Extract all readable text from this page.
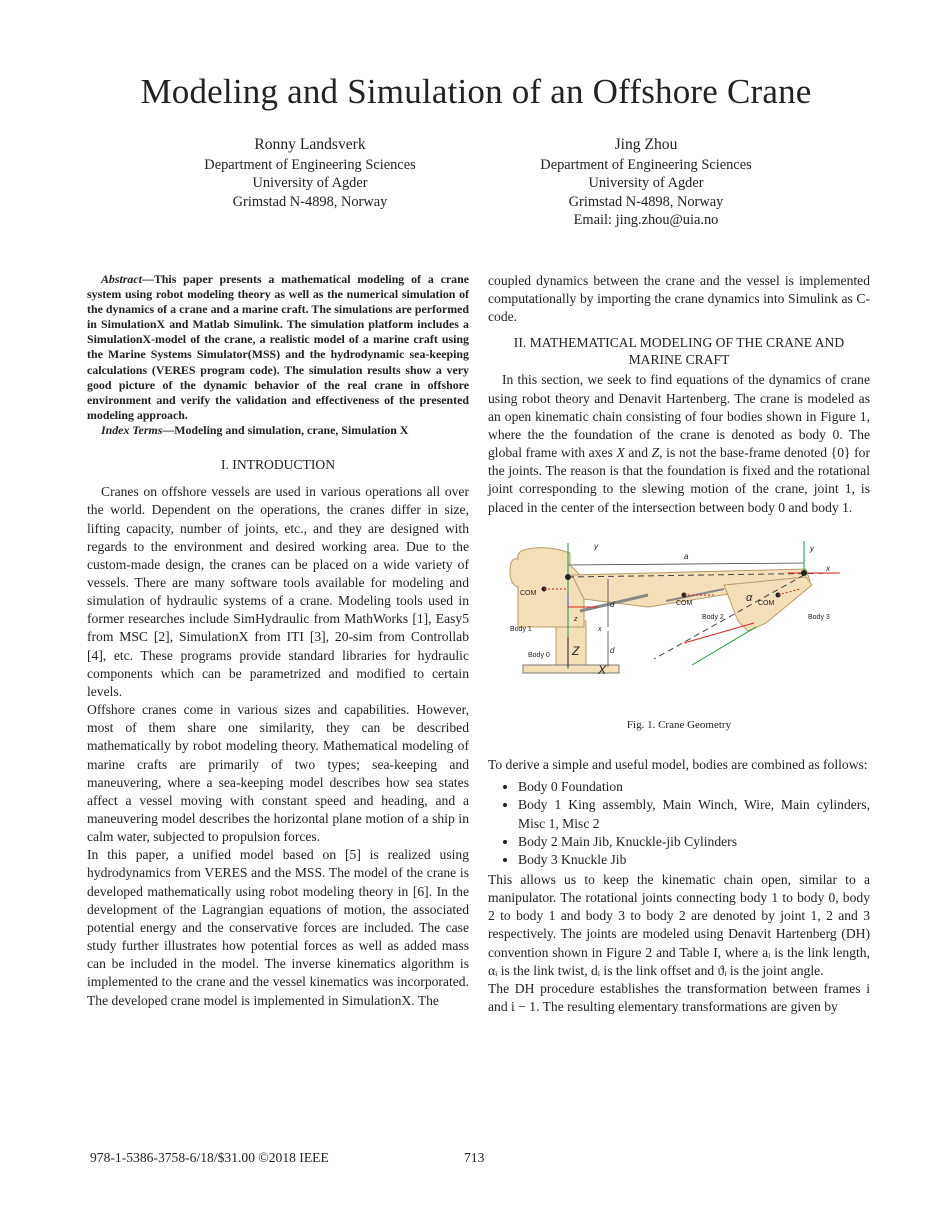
Modeling and Simulation of an Offshore Crane
Ronny Landsverk
Department of Engineering Sciences
University of Agder
Grimstad N-4898, Norway
Jing Zhou
Department of Engineering Sciences
University of Agder
Grimstad N-4898, Norway
Email: jing.zhou@uia.no

Abstract—This paper presents a mathematical modeling of a crane system using robot modeling theory as well as the numerical simulation of the dynamics of a crane and a marine craft. The simulations are performed in SimulationX and Matlab Simulink. The simulation platform includes a SimulationX-model of the crane, a realistic model of a marine craft using the Marine Systems Simulator(MSS) and the hydrodynamic sea-keeping calculations (VERES program code). The simulation results show a very good picture of the dynamic behavior of the real crane in offshore environment and verify the validation and effectiveness of the presented modeling approach.

Index Terms—Modeling and simulation, crane, Simulation X

I. INTRODUCTION

Cranes on offshore vessels are used in various operations all over the world. Dependent on the operations, the cranes differ in size, lifting capacity, number of joints, etc., and they are designed with regards to the environment and desired working area. Due to the custom-made design, the cranes can be placed on a wide variety of vessels. There are many software tools available for modeling and simulation of hydraulic systems of a crane. Modeling tools used in former researches include SimHydraulic from MathWorks [1], Easy5 from MSC [2], SimulationX from ITI [3], 20-sim from Controllab [4], etc. These programs provide standard libraries for hydraulic components which can be parametrized and modified to certain levels.

Offshore cranes come in various sizes and capabilities. However, most of them share one similarity, they can be described mathematically by robot modeling theory. Mathematical modeling of marine crafts are primarily of two types; sea-keeping and maneuvering, where a sea-keeping model describes how sea states affect a vessel moving with constant speed and heading, and a maneuvering model describes the horizontal plane motion of a ship in calm water, subjected to propulsion forces.

In this paper, a unified model based on [5] is realized using hydrodynamics from VERES and the MSS. The model of the crane is developed mathematically using robot modeling theory in [6]. In the development of the Lagrangian equations of motion, the associated potential energy and the conservative forces are included. The case study further illustrates how potential forces as well as added mass can be included in the model. The inverse kinematics algorithm is implemented to the crane and the vessel kinematics was incorporated. The developed crane model is implemented in SimulationX. The

coupled dynamics between the crane and the vessel is implemented computationally by importing the crane dynamics into Simulink as C-code.

II. MATHEMATICAL MODELING OF THE CRANE AND
MARINE CRAFT

In this section, we seek to find equations of the dynamics of crane using robot theory and Denavit Hartenberg. The crane is modeled as an open kinematic chain consisting of four bodies shown in Figure 1, where the the foundation of the crane is denoted as body 0. The global frame with axes X and Z, is not the base-frame denoted {0} for the joints. The reason is that the foundation is fixed and the rotational joint corresponding to the slewing motion of the crane, joint 1, is placed in the center of the intersection between body 0 and body 1.

a
y	y
x
COM
COM	COM
Body 1
Body 0
Body 2	Body 3
α
d
d
x
z
Z
X
Fig. 1. Crane Geometry

To derive a simple and useful model, bodies are combined as follows:

• Body 0 Foundation
• Body 1 King assembly, Main Winch, Wire, Main cylinders, Misc 1, Misc 2
• Body 2 Main Jib, Knuckle-jib Cylinders
• Body 3 Knuckle Jib

This allows us to keep the kinematic chain open, similar to a manipulator. The rotational joints connecting body 1 to body 0, body 2 to body 1 and body 3 to body 2 are denoted by joint 1, 2 and 3 respectively. The joints are modeled using Denavit Hartenberg (DH) convention shown in Figure 2 and Table I, where aᵢ is the link length, αᵢ is the link twist, dᵢ is the link offset and ϑᵢ is the joint angle.

The DH procedure establishes the transformation between frames i and i − 1. The resulting elementary transformations are given by

978-1-5386-3758-6/18/$31.00 ©2018 IEEE	713
